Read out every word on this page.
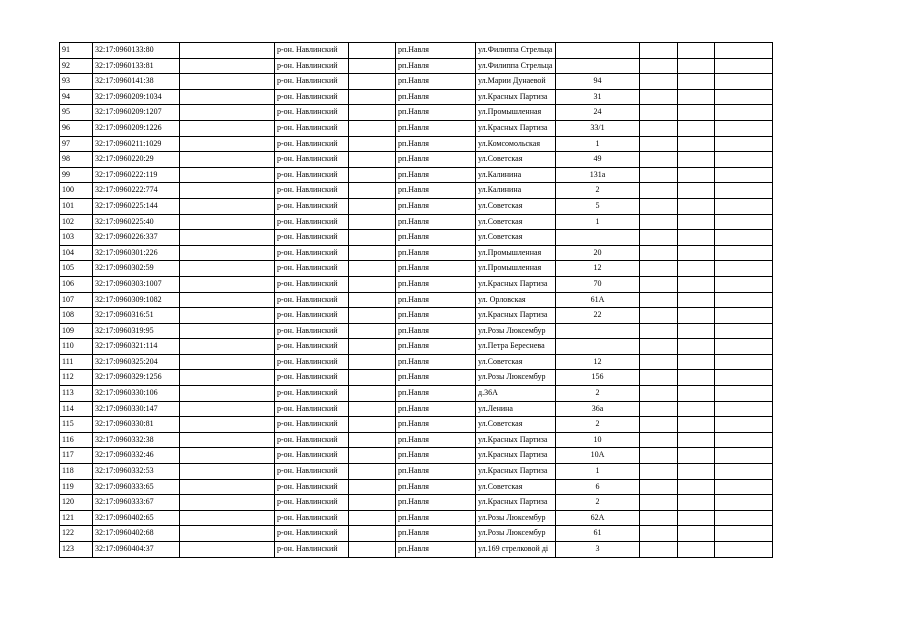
91	32:17:0960133:80		р-он. Навлинский		рп.Навля	ул.Филиппа Стрельца				
92	32:17:0960133:81		р-он. Навлинский		рп.Навля	ул.Филиппа Стрельца				
93	32:17:0960141:38		р-он. Навлинский		рп.Навля	ул.Марии Дунаевой	94			
94	32:17:0960209:1034		р-он. Навлинский		рп.Навля	ул.Красных Партиза	31			
95	32:17:0960209:1207		р-он. Навлинский		рп.Навля	ул.Промышленная	24			
96	32:17:0960209:1226		р-он. Навлинский		рп.Навля	ул.Красных Партиза	33/1			
97	32:17:0960211:1029		р-он. Навлинский		рп.Навля	ул.Комсомольская	1			
98	32:17:0960220:29		р-он. Навлинский		рп.Навля	ул.Советская	49			
99	32:17:0960222:119		р-он. Навлинский		рп.Навля	ул.Калинина	131а			
100	32:17:0960222:774		р-он. Навлинский		рп.Навля	ул.Калинина	2			
101	32:17:0960225:144		р-он. Навлинский		рп.Навля	ул.Советская	5			
102	32:17:0960225:40		р-он. Навлинский		рп.Навля	ул.Советская	1			
103	32:17:0960226:337		р-он. Навлинский		рп.Навля	ул.Советская				
104	32:17:0960301:226		р-он. Навлинский		рп.Навля	ул.Промышленная	20			
105	32:17:0960302:59		р-он. Навлинский		рп.Навля	ул.Промышленная	12			
106	32:17:0960303:1007		р-он. Навлинский		рп.Навля	ул.Красных Партиза	70			
107	32:17:0960309:1082		р-он. Навлинский		рп.Навля	ул. Орловская	61А			
108	32:17:0960316:51		р-он. Навлинский		рп.Навля	ул.Красных Партиза	22			
109	32:17:0960319:95		р-он. Навлинский		рп.Навля	ул.Розы Люксембур				
110	32:17:0960321:114		р-он. Навлинский		рп.Навля	ул.Петра Береснева				
111	32:17:0960325:204		р-он. Навлинский		рп.Навля	ул.Советская	12			
112	32:17:0960329:1256		р-он. Навлинский		рп.Навля	ул.Розы Люксембур	156			
113	32:17:0960330:106		р-он. Навлинский		рп.Навля	д.36А	2			
114	32:17:0960330:147		р-он. Навлинский		рп.Навля	ул.Ленина	36а			
115	32:17:0960330:81		р-он. Навлинский		рп.Навля	ул.Советская	2			
116	32:17:0960332:38		р-он. Навлинский		рп.Навля	ул.Красных Партиза	10			
117	32:17:0960332:46		р-он. Навлинский		рп.Навля	ул.Красных Партиза	10А			
118	32:17:0960332:53		р-он. Навлинский		рп.Навля	ул.Красных Партиза	1			
119	32:17:0960333:65		р-он. Навлинский		рп.Навля	ул.Советская	6			
120	32:17:0960333:67		р-он. Навлинский		рп.Навля	ул.Красных Партиза	2			
121	32:17:0960402:65		р-он. Навлинский		рп.Навля	ул.Розы Люксембур	62А			
122	32:17:0960402:68		р-он. Навлинский		рп.Навля	ул.Розы Люксембур	61			
123	32:17:0960404:37		р-он. Навлинский		рп.Навля	ул.169 стрелковой ді	3			
